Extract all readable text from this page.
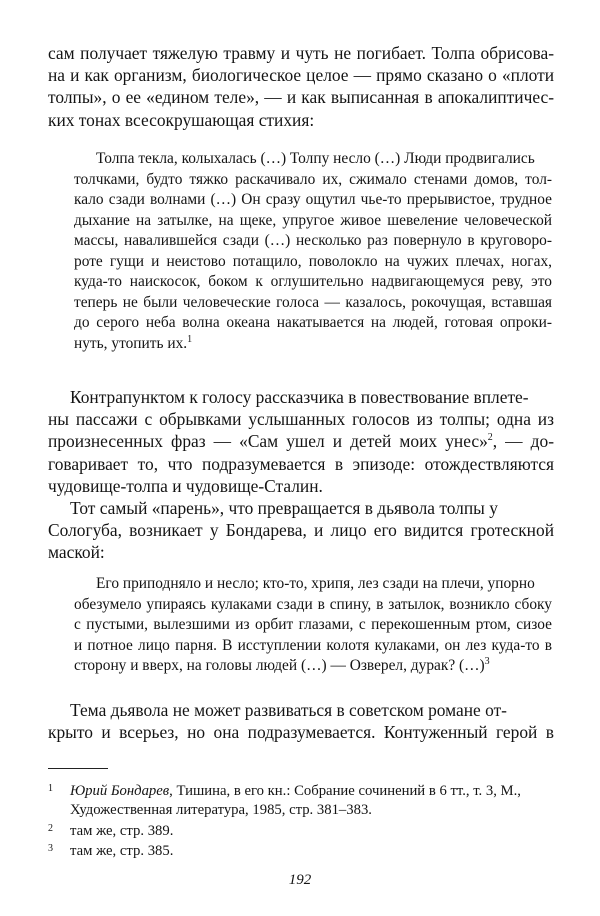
сам получает тяжелую травму и чуть не погибает. Толпа обрисова-
на и как организм, биологическое целое — прямо сказано о «плоти
толпы», о ее «едином теле», — и как выписанная в апокалиптичес-
ких тонах всесокрушающая стихия:

Толпа текла, колыхалась (…) Толпу несло (…) Люди продвигались
толчками, будто тяжко раскачивало их, сжимало стенами домов, тол-
кало сзади волнами (…) Он сразу ощутил чье-то прерывистое, трудное
дыхание на затылке, на щеке, упругое живое шевеление человеческой
массы, навалившейся сзади (…) несколько раз повернуло в круговоро-
роте гущи и неистово потащило, поволокло на чужих плечах, ногах,
куда-то наискосок, боком к оглушительно надвигающемуся реву, это
теперь не были человеческие голоса — казалось, рокочущая, вставшая
до серого неба волна океана накатывается на людей, готовая опроки-
нуть, утопить их.$^1$

Контрапунктом к голосу рассказчика в повествование вплете-
ны пассажи с обрывками услышанных голосов из толпы; одна из
произнесенных фраз — «Сам ушел и детей моих унес»$^2$, — до-
говаривает то, что подразумевается в эпизоде: отождествляются
чудовище-толпа и чудовище-Сталин.

Тот самый «парень», что превращается в дьявола толпы у
Сологуба, возникает у Бондарева, и лицо его видится гротескной
маской:

Его приподняло и несло; кто-то, хрипя, лез сзади на плечи, упорно
обезумело упираясь кулаками сзади в спину, в затылок, возникло сбоку
с пустыми, вылезшими из орбит глазами, с перекошенным ртом, сизое
и потное лицо парня. В исступлении колотя кулаками, он лез куда-то в
сторону и вверх, на головы людей (…) — Озверел, дурак? (…)$^3$

Тема дьявола не может развиваться в советском романе от-
крыто и всерьез, но она подразумевается. Контуженный герой в

1 Юрий Бондарев, Тишина, в его кн.: Собрание сочинений в 6 тт., т. 3, М.,
Художественная литература, 1985, стр. 381–383.
2 там же, стр. 389.
3 там же, стр. 385.
192
